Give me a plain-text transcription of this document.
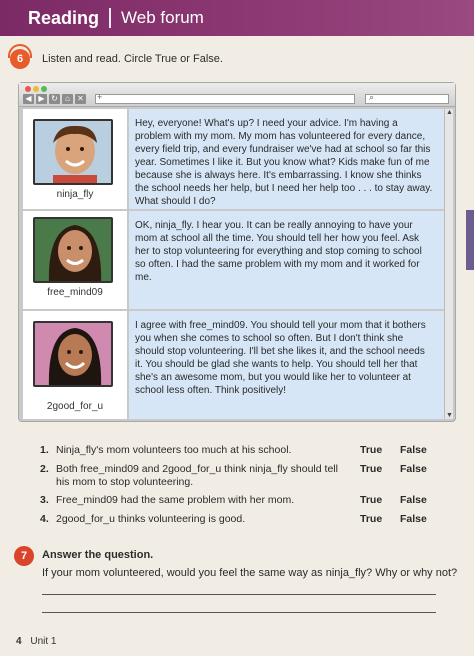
Reading Web forum
6	Listen and read. Circle True or False.
◀ ▶ ↻ ⌂ ✕ +	⌕
ninja_fly
Hey, everyone! What's up? I need your advice. I'm having a problem with my mom. My mom has volunteered for every dance, every field trip, and every fundraiser we've had at school so far this year. Sometimes I like it. But you know what? Kids make fun of me because she is always here. It's embarrassing. I know she thinks the school needs her help, but I need her help too . . . to stay away. What should I do?
free_mind09
OK, ninja_fly. I hear you. It can be really annoying to have your mom at school all the time. You should tell her how you feel. Ask her to stop volunteering for everything and stop coming to school so often. I had the same problem with my mom and it worked for me.
2good_for_u
I agree with free_mind09. You should tell your mom that it bothers you when she comes to school so often. But I don't think she should stop volunteering. I'll bet she likes it, and the school needs it. You should be glad she wants to help. You should tell her that she's an awesome mom, but you would like her to volunteer at school less often. Think positively!
▲
▼
1. Ninja_fly's mom volunteers too much at his school.	True False
2. Both free_mind09 and 2good_for_u think ninja_fly should tell his mom to stop volunteering.
True False
3. Free_mind09 had the same problem with her mom.	True False
4. 2good_for_u thinks volunteering is good.	True False
7	Answer the question.
If your mom volunteered, would you feel the same way as ninja_fly? Why or why not?
4 Unit 1
